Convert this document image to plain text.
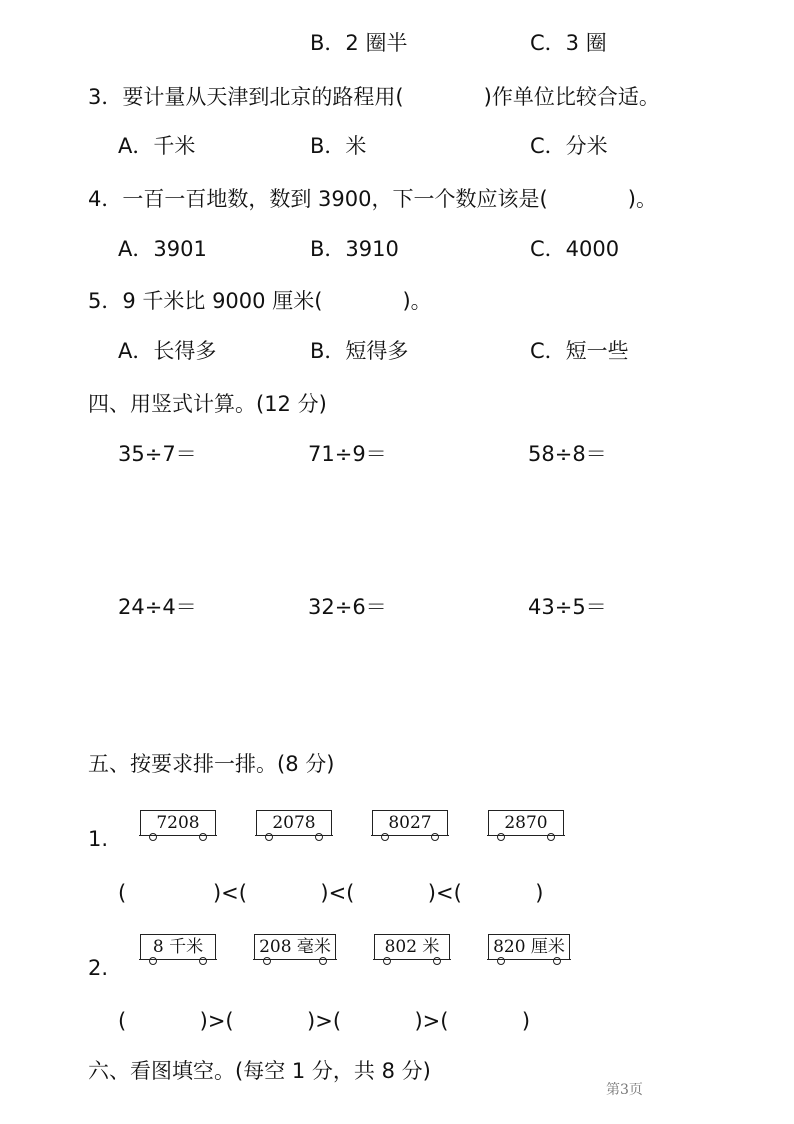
B．2 圈半	C．3 圈
3．要计量从天津到北京的路程用(            )作单位比较合适。
A．千米	B．米	C．分米
4．一百一百地数，数到 3900，下一个数应该是(            )。
A．3901	B．3910	C．4000
5．9 千米比 9000 厘米(            )。
A．长得多	B．短得多	C．短一些
四、用竖式计算。(12 分)
35÷7＝	71÷9＝	58÷8＝
24÷4＝	32÷6＝	43÷5＝
五、按要求排一排。(8 分)
1.
7208	2078	8027	2870
(             )<(           )<(           )<(           )
2.
8 千米	208 毫米	802 米	820 厘米
(           )>(           )>(           )>(           )
六、看图填空。(每空 1 分，共 8 分)
第3页
